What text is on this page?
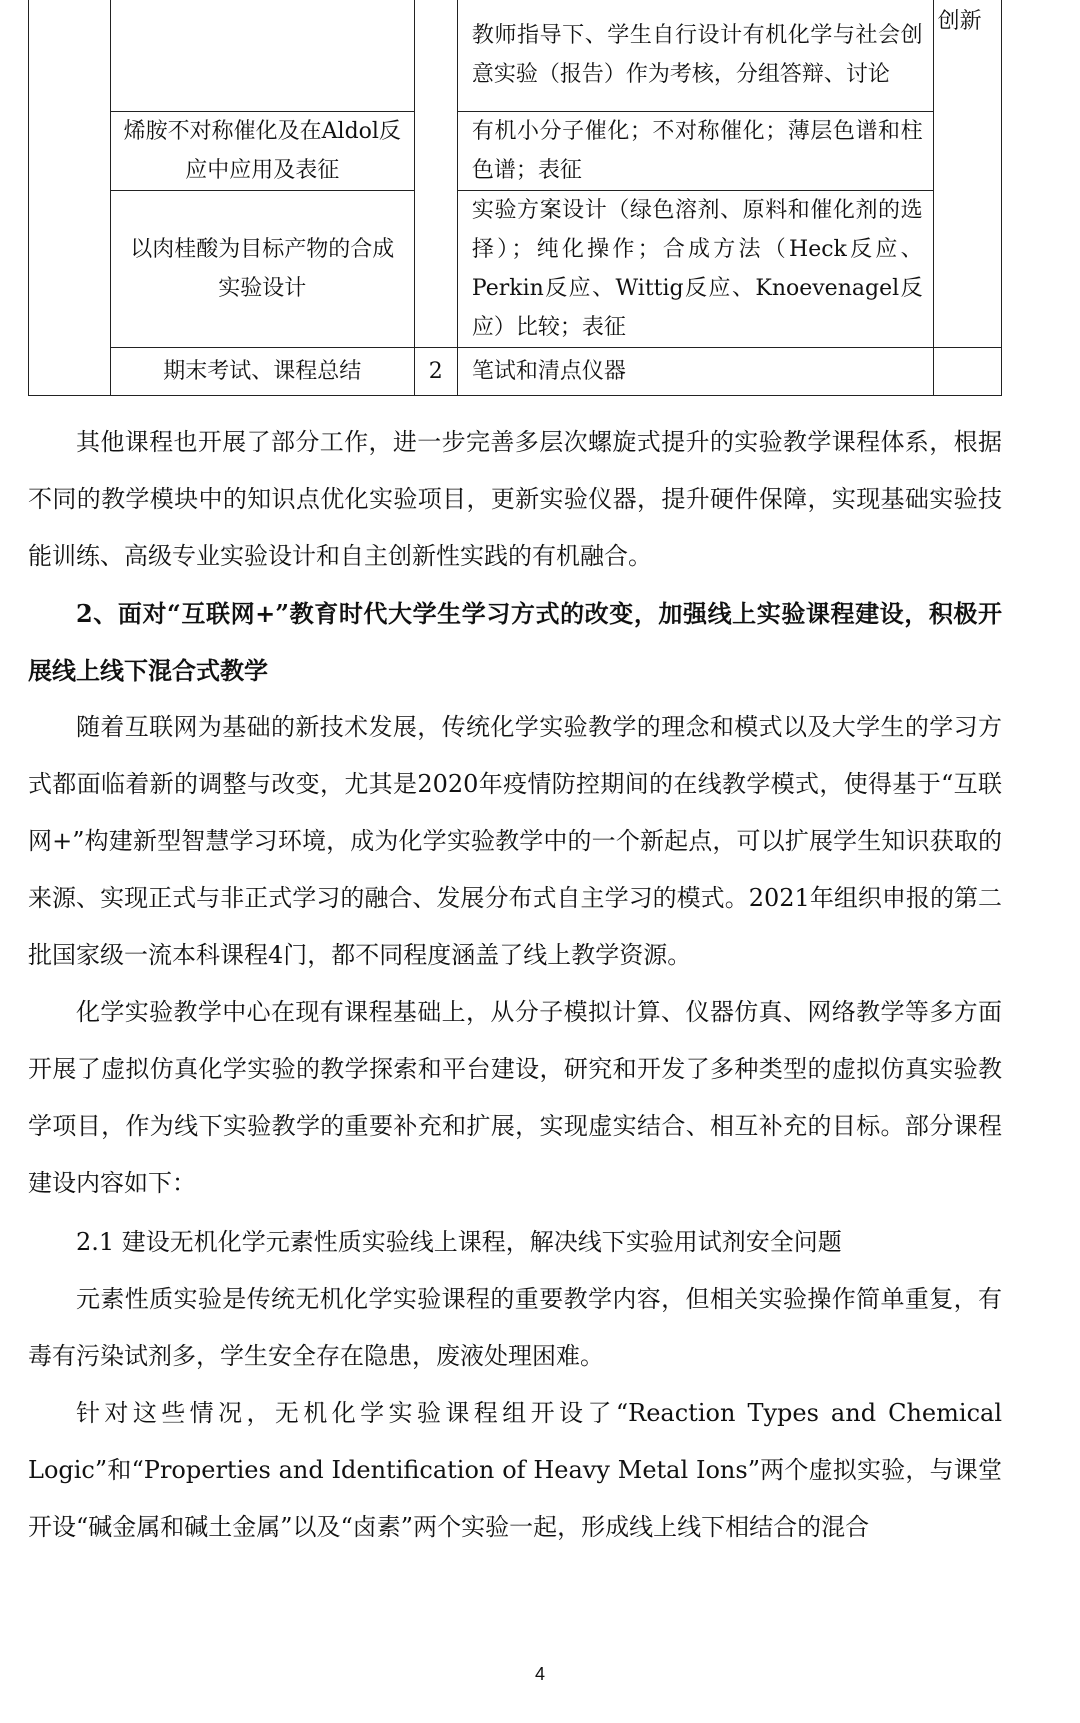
			教师指导下、学生自行设计有机化学与社会创意实验（报告）作为考核，分组答辩、讨论	创新
	烯胺不对称催化及在Aldol反应中应用及表征		有机小分子催化；不对称催化；薄层色谱和柱色谱；表征	
	以肉桂酸为目标产物的合成实验设计		实验方案设计（绿色溶剂、原料和催化剂的选择）；纯化操作；合成方法（Heck反应、Perkin反应、Wittig反应、Knoevenagel反应）比较；表征	
	期末考试、课程总结	2	笔试和清点仪器	

其他课程也开展了部分工作，进一步完善多层次螺旋式提升的实验教学课程体系，根据不同的教学模块中的知识点优化实验项目，更新实验仪器，提升硬件保障，实现基础实验技能训练、高级专业实验设计和自主创新性实践的有机融合。

2、面对“互联网+”教育时代大学生学习方式的改变，加强线上实验课程建设，积极开展线上线下混合式教学

随着互联网为基础的新技术发展，传统化学实验教学的理念和模式以及大学生的学习方式都面临着新的调整与改变，尤其是2020年疫情防控期间的在线教学模式，使得基于“互联网+”构建新型智慧学习环境，成为化学实验教学中的一个新起点，可以扩展学生知识获取的来源、实现正式与非正式学习的融合、发展分布式自主学习的模式。2021年组织申报的第二批国家级一流本科课程4门，都不同程度涵盖了线上教学资源。

化学实验教学中心在现有课程基础上，从分子模拟计算、仪器仿真、网络教学等多方面开展了虚拟仿真化学实验的教学探索和平台建设，研究和开发了多种类型的虚拟仿真实验教学项目，作为线下实验教学的重要补充和扩展，实现虚实结合、相互补充的目标。部分课程建设内容如下：

2.1 建设无机化学元素性质实验线上课程，解决线下实验用试剂安全问题

元素性质实验是传统无机化学实验课程的重要教学内容，但相关实验操作简单重复，有毒有污染试剂多，学生安全存在隐患，废液处理困难。

针对这些情况，无机化学实验课程组开设了“Reaction Types and Chemical Logic”和“Properties and Identification of Heavy Metal Ions”两个虚拟实验，与课堂开设“碱金属和碱土金属”以及“卤素”两个实验一起，形成线上线下相结合的混合

4
